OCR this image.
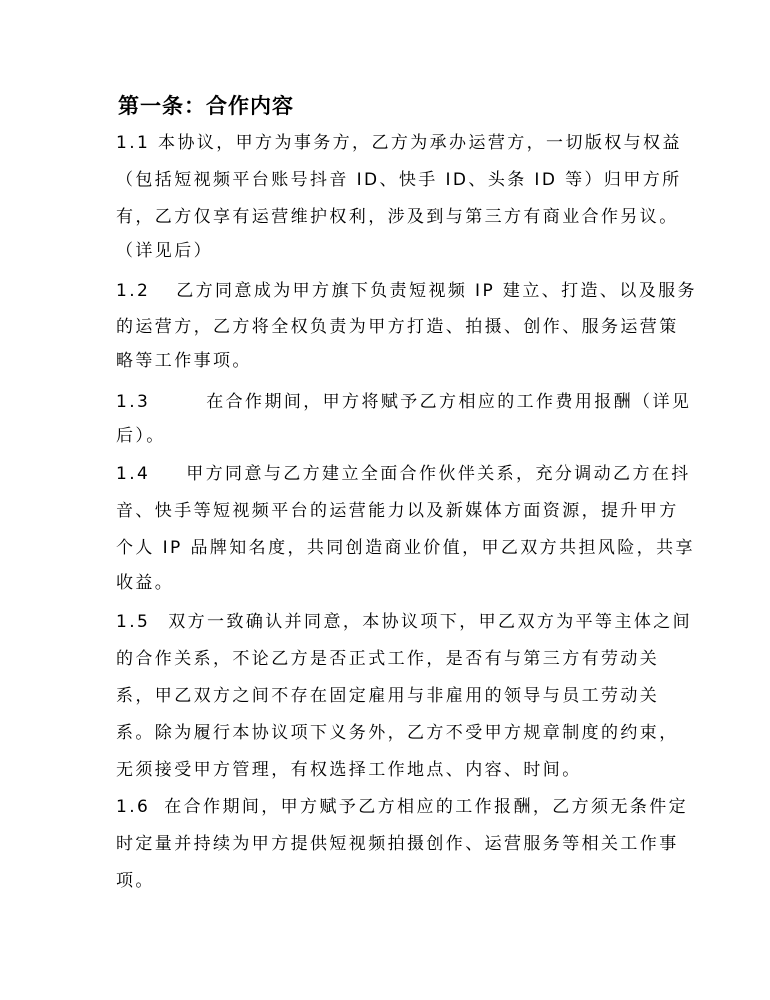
第一条：合作内容
1.1 本协议，甲方为事务方，乙方为承办运营方，一切版权与权益
（包括短视频平台账号抖音 ID、快手 ID、头条 ID 等）归甲方所
有，乙方仅享有运营维护权利，涉及到与第三方有商业合作另议。
（详见后）
1.2 乙方同意成为甲方旗下负责短视频 IP 建立、打造、以及服务
的运营方，乙方将全权负责为甲方打造、拍摄、创作、服务运营策
略等工作事项。
1.3	在合作期间，甲方将赋予乙方相应的工作费用报酬（详见
后）。
1.4 甲方同意与乙方建立全面合作伙伴关系，充分调动乙方在抖
音、快手等短视频平台的运营能力以及新媒体方面资源，提升甲方
个人 IP 品牌知名度，共同创造商业价值，甲乙双方共担风险，共享
收益。
1.5 双方一致确认并同意，本协议项下，甲乙双方为平等主体之间
的合作关系，不论乙方是否正式工作，是否有与第三方有劳动关
系，甲乙双方之间不存在固定雇用与非雇用的领导与员工劳动关
系。除为履行本协议项下义务外，乙方不受甲方规章制度的约束，
无须接受甲方管理，有权选择工作地点、内容、时间。
1.6 在合作期间，甲方赋予乙方相应的工作报酬，乙方须无条件定
时定量并持续为甲方提供短视频拍摄创作、运营服务等相关工作事
项。
